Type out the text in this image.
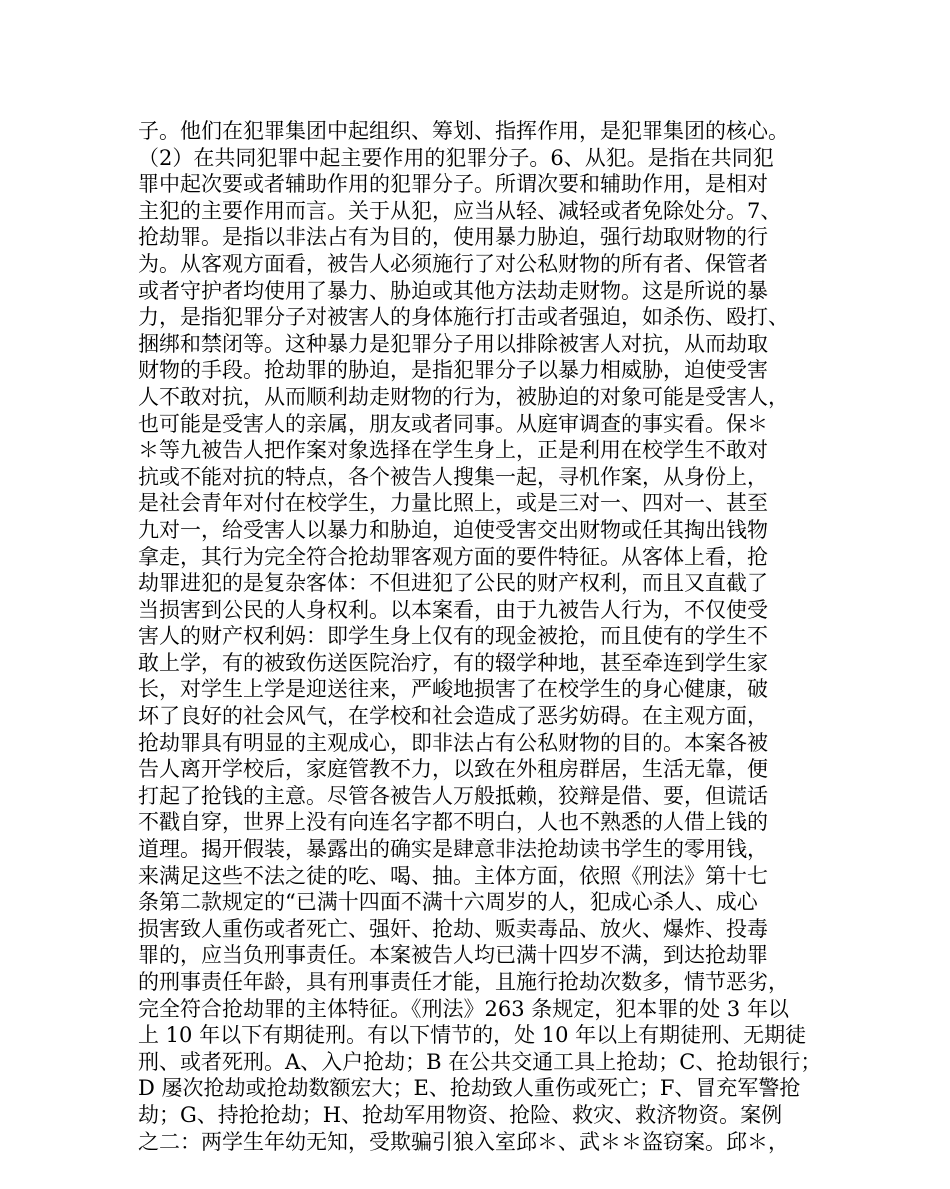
子。他们在犯罪集团中起组织、筹划、指挥作用，是犯罪集团的核心。
（2）在共同犯罪中起主要作用的犯罪分子。6、从犯。是指在共同犯
罪中起次要或者辅助作用的犯罪分子。所谓次要和辅助作用，是相对
主犯的主要作用而言。关于从犯，应当从轻、减轻或者免除处分。7、
抢劫罪。是指以非法占有为目的，使用暴力胁迫，强行劫取财物的行
为。从客观方面看，被告人必须施行了对公私财物的所有者、保管者
或者守护者均使用了暴力、胁迫或其他方法劫走财物。这是所说的暴
力，是指犯罪分子对被害人的身体施行打击或者强迫，如杀伤、殴打、
捆绑和禁闭等。这种暴力是犯罪分子用以排除被害人对抗，从而劫取
财物的手段。抢劫罪的胁迫，是指犯罪分子以暴力相威胁，迫使受害
人不敢对抗，从而顺利劫走财物的行为，被胁迫的对象可能是受害人，
也可能是受害人的亲属，朋友或者同事。从庭审调查的事实看。保＊
＊等九被告人把作案对象选择在学生身上，正是利用在校学生不敢对
抗或不能对抗的特点，各个被告人搜集一起，寻机作案，从身份上，
是社会青年对付在校学生，力量比照上，或是三对一、四对一、甚至
九对一，给受害人以暴力和胁迫，迫使受害交出财物或任其掏出钱物
拿走，其行为完全符合抢劫罪客观方面的要件特征。从客体上看，抢
劫罪进犯的是复杂客体：不但进犯了公民的财产权利，而且又直截了
当损害到公民的人身权利。以本案看，由于九被告人行为，不仅使受
害人的财产权利妈：即学生身上仅有的现金被抢，而且使有的学生不
敢上学，有的被致伤送医院治疗，有的辍学种地，甚至牵连到学生家
长，对学生上学是迎送往来，严峻地损害了在校学生的身心健康，破
坏了良好的社会风气，在学校和社会造成了恶劣妨碍。在主观方面，
抢劫罪具有明显的主观成心，即非法占有公私财物的目的。本案各被
告人离开学校后，家庭管教不力，以致在外租房群居，生活无靠，便
打起了抢钱的主意。尽管各被告人万般抵赖，狡辩是借、要，但谎话
不戳自穿，世界上没有向连名字都不明白，人也不熟悉的人借上钱的
道理。揭开假装，暴露出的确实是肆意非法抢劫读书学生的零用钱，
来满足这些不法之徒的吃、喝、抽。主体方面，依照《刑法》第十七
条第二款规定的“已满十四面不满十六周岁的人，犯成心杀人、成心
损害致人重伤或者死亡、强奸、抢劫、贩卖毒品、放火、爆炸、投毒
罪的，应当负刑事责任。本案被告人均已满十四岁不满，到达抢劫罪
的刑事责任年龄，具有刑事责任才能，且施行抢劫次数多，情节恶劣，
完全符合抢劫罪的主体特征。《刑法》263 条规定，犯本罪的处 3 年以
上 10 年以下有期徒刑。有以下情节的，处 10 年以上有期徒刑、无期徒
刑、或者死刑。A、入户抢劫；B 在公共交通工具上抢劫；C、抢劫银行；
D 屡次抢劫或抢劫数额宏大；E、抢劫致人重伤或死亡；F、冒充军警抢
劫；G、持抢抢劫；H、抢劫军用物资、抢险、救灾、救济物资。案例
之二：两学生年幼无知，受欺骗引狼入室邱＊、武＊＊盗窃案。邱＊，
